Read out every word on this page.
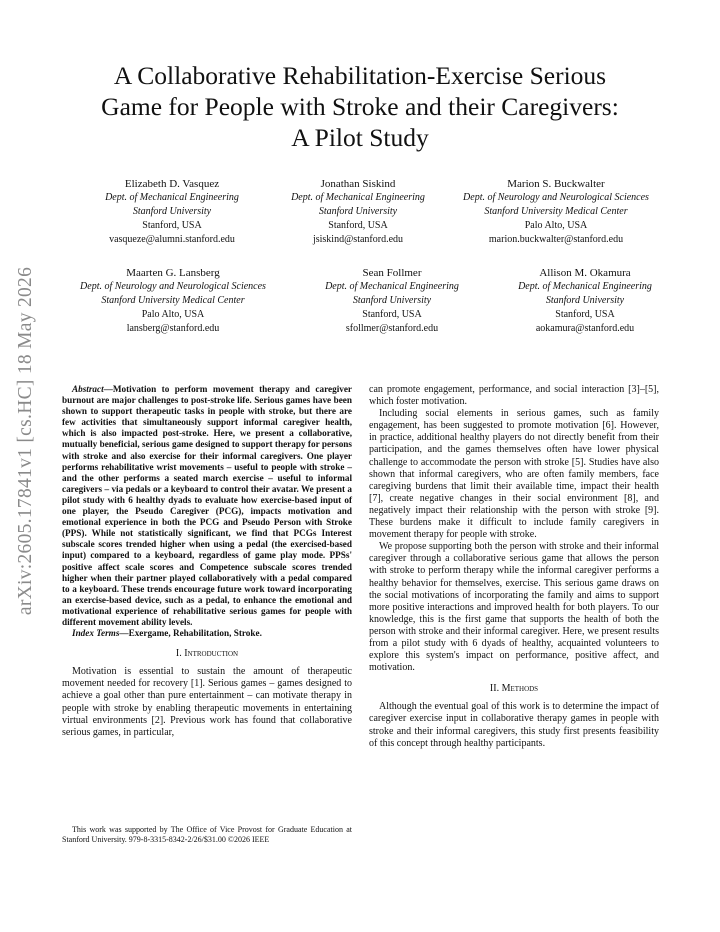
A Collaborative Rehabilitation-Exercise Serious
Game for People with Stroke and their Caregivers:
A Pilot Study
Elizabeth D. Vasquez
Dept. of Mechanical Engineering
Stanford University
Stanford, USA
vasqueze@alumni.stanford.edu
Jonathan Siskind
Dept. of Mechanical Engineering
Stanford University
Stanford, USA
jsiskind@stanford.edu
Marion S. Buckwalter
Dept. of Neurology and Neurological Sciences
Stanford University Medical Center
Palo Alto, USA
marion.buckwalter@stanford.edu
Maarten G. Lansberg
Dept. of Neurology and Neurological Sciences
Stanford University Medical Center
Palo Alto, USA
lansberg@stanford.edu
Sean Follmer
Dept. of Mechanical Engineering
Stanford University
Stanford, USA
sfollmer@stanford.edu
Allison M. Okamura
Dept. of Mechanical Engineering
Stanford University
Stanford, USA
aokamura@stanford.edu
arXiv:2605.17841v1 [cs.HC] 18 May 2026	Abstract—Motivation to perform movement therapy and caregiver burnout are major challenges to post-stroke life. Serious games have been shown to support therapeutic tasks in people with stroke, but there are few activities that simultaneously support informal caregiver health, which is also impacted post-stroke. Here, we present a collaborative, mutually beneficial, serious game designed to support therapy for persons with stroke and also exercise for their informal caregivers. One player performs rehabilitative wrist movements – useful to people with stroke – and the other performs a seated march exercise – useful to informal caregivers – via pedals or a keyboard to control their avatar. We present a pilot study with 6 healthy dyads to evaluate how exercise-based input of one player, the Pseudo Caregiver (PCG), impacts motivation and emotional experience in both the PCG and Pseudo Person with Stroke (PPS). While not statistically significant, we find that PCGs Interest subscale scores trended higher when using a pedal (the exercised-based input) compared to a keyboard, regardless of game play mode. PPSs' positive affect scale scores and Competence subscale scores trended higher when their partner played collaboratively with a pedal compared to a keyboard. These trends encourage future work toward incorporating an exercise-based device, such as a pedal, to enhance the emotional and motivational experience of rehabilitative serious games for people with different movement ability levels.

Index Terms—Exergame, Rehabilitation, Stroke.

I. Introduction

Motivation is essential to sustain the amount of therapeutic movement needed for recovery [1]. Serious games – games designed to achieve a goal other than pure entertainment – can motivate therapy in people with stroke by enabling therapeutic movements in entertaining virtual environments [2]. Previous work has found that collaborative serious games, in particular,

This work was supported by The Office of Vice Provost for Graduate Education at Stanford University. 979-8-3315-8342-2/26/$31.00 ©2026 IEEE

can promote engagement, performance, and social interaction [3]–[5], which foster motivation.

Including social elements in serious games, such as family engagement, has been suggested to promote motivation [6]. However, in practice, additional healthy players do not directly benefit from their participation, and the games themselves often have lower physical challenge to accommodate the person with stroke [5]. Studies have also shown that informal caregivers, who are often family members, face caregiving burdens that limit their available time, impact their health [7], create negative changes in their social environment [8], and negatively impact their relationship with the person with stroke [9]. These burdens make it difficult to include family caregivers in movement therapy for people with stroke.

We propose supporting both the person with stroke and their informal caregiver through a collaborative serious game that allows the person with stroke to perform therapy while the informal caregiver performs a healthy behavior for themselves, exercise. This serious game draws on the social motivations of incorporating the family and aims to support more positive interactions and improved health for both players. To our knowledge, this is the first game that supports the health of both the person with stroke and their informal caregiver. Here, we present results from a pilot study with 6 dyads of healthy, acquainted volunteers to explore this system's impact on performance, positive affect, and motivation.

II. Methods

Although the eventual goal of this work is to determine the impact of caregiver exercise input in collaborative therapy games in people with stroke and their informal caregivers, this study first presents feasibility of this concept through healthy participants.
